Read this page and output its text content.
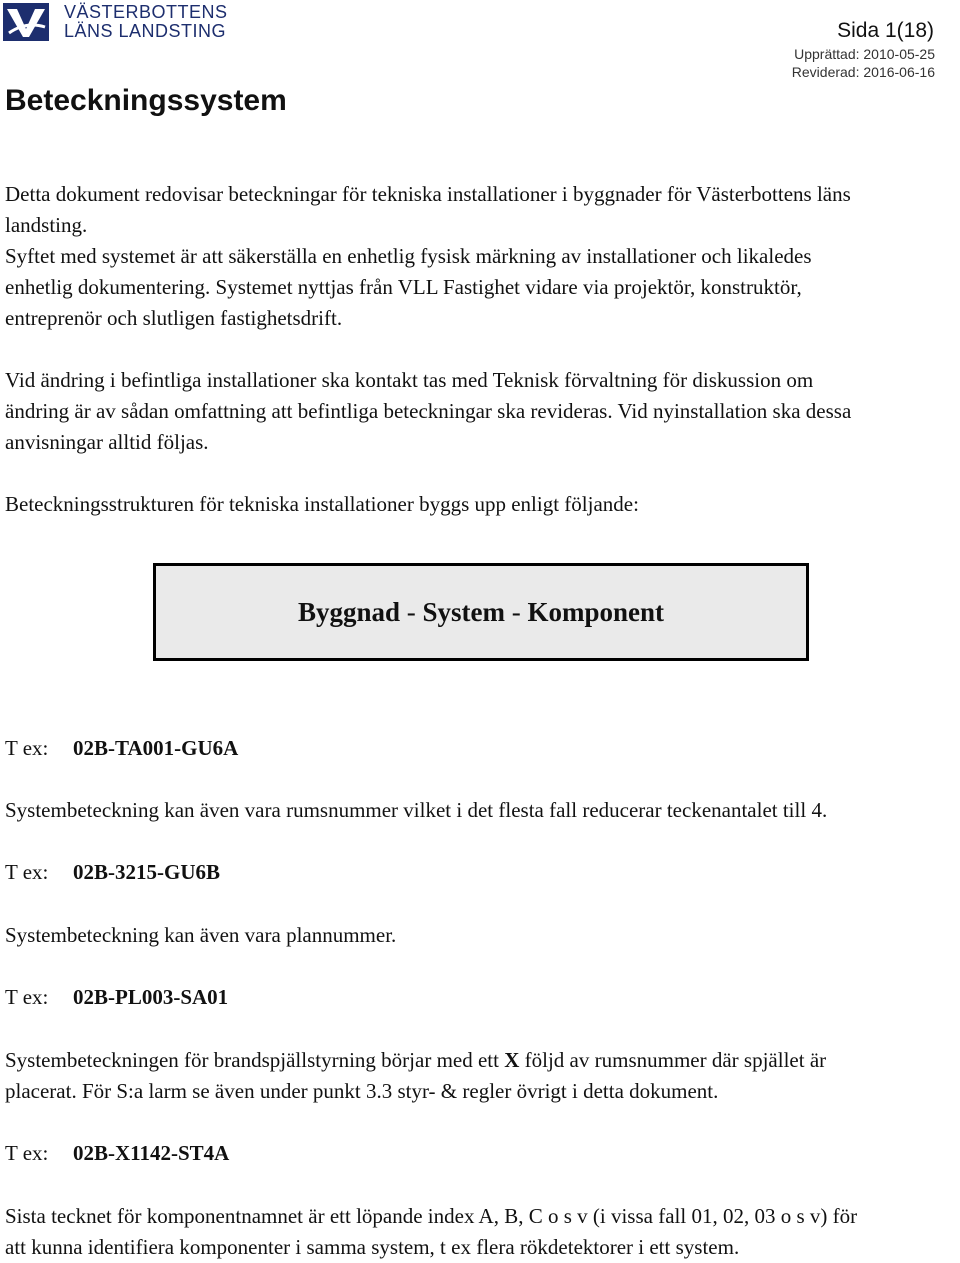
VÄSTERBOTTENS
LÄNS LANDSTING	Sida 1(18)
Upprättad: 2010-05-25
Reviderad: 2016-06-16
Beteckningssystem

Detta dokument redovisar beteckningar för tekniska installationer i byggnader för Västerbottens läns

landsting.

Syftet med systemet är att säkerställa en enhetlig fysisk märkning av installationer och likaledes

enhetlig dokumentering. Systemet nyttjas från VLL Fastighet vidare via projektör, konstruktör,

entreprenör och slutligen fastighetsdrift.

Vid ändring i befintliga installationer ska kontakt tas med Teknisk förvaltning för diskussion om

ändring är av sådan omfattning att befintliga beteckningar ska revideras. Vid nyinstallation ska dessa

anvisningar alltid följas.

Beteckningsstrukturen för tekniska installationer byggs upp enligt följande:

Byggnad - System - Komponent
T ex: 02B-TA001-GU6A

Systembeteckning kan även vara rumsnummer vilket i det flesta fall reducerar teckenantalet till 4.

T ex: 02B-3215-GU6B

Systembeteckning kan även vara plannummer.

T ex: 02B-PL003-SA01

Systembeteckningen för brandspjällstyrning börjar med ett X följd av rumsnummer där spjället är

placerat. För S:a larm se även under punkt 3.3 styr- & regler övrigt i detta dokument.

T ex: 02B-X1142-ST4A

Sista tecknet för komponentnamnet är ett löpande index A, B, C o s v (i vissa fall 01, 02, 03 o s v) för

att kunna identifiera komponenter i samma system, t ex flera rökdetektorer i ett system.
